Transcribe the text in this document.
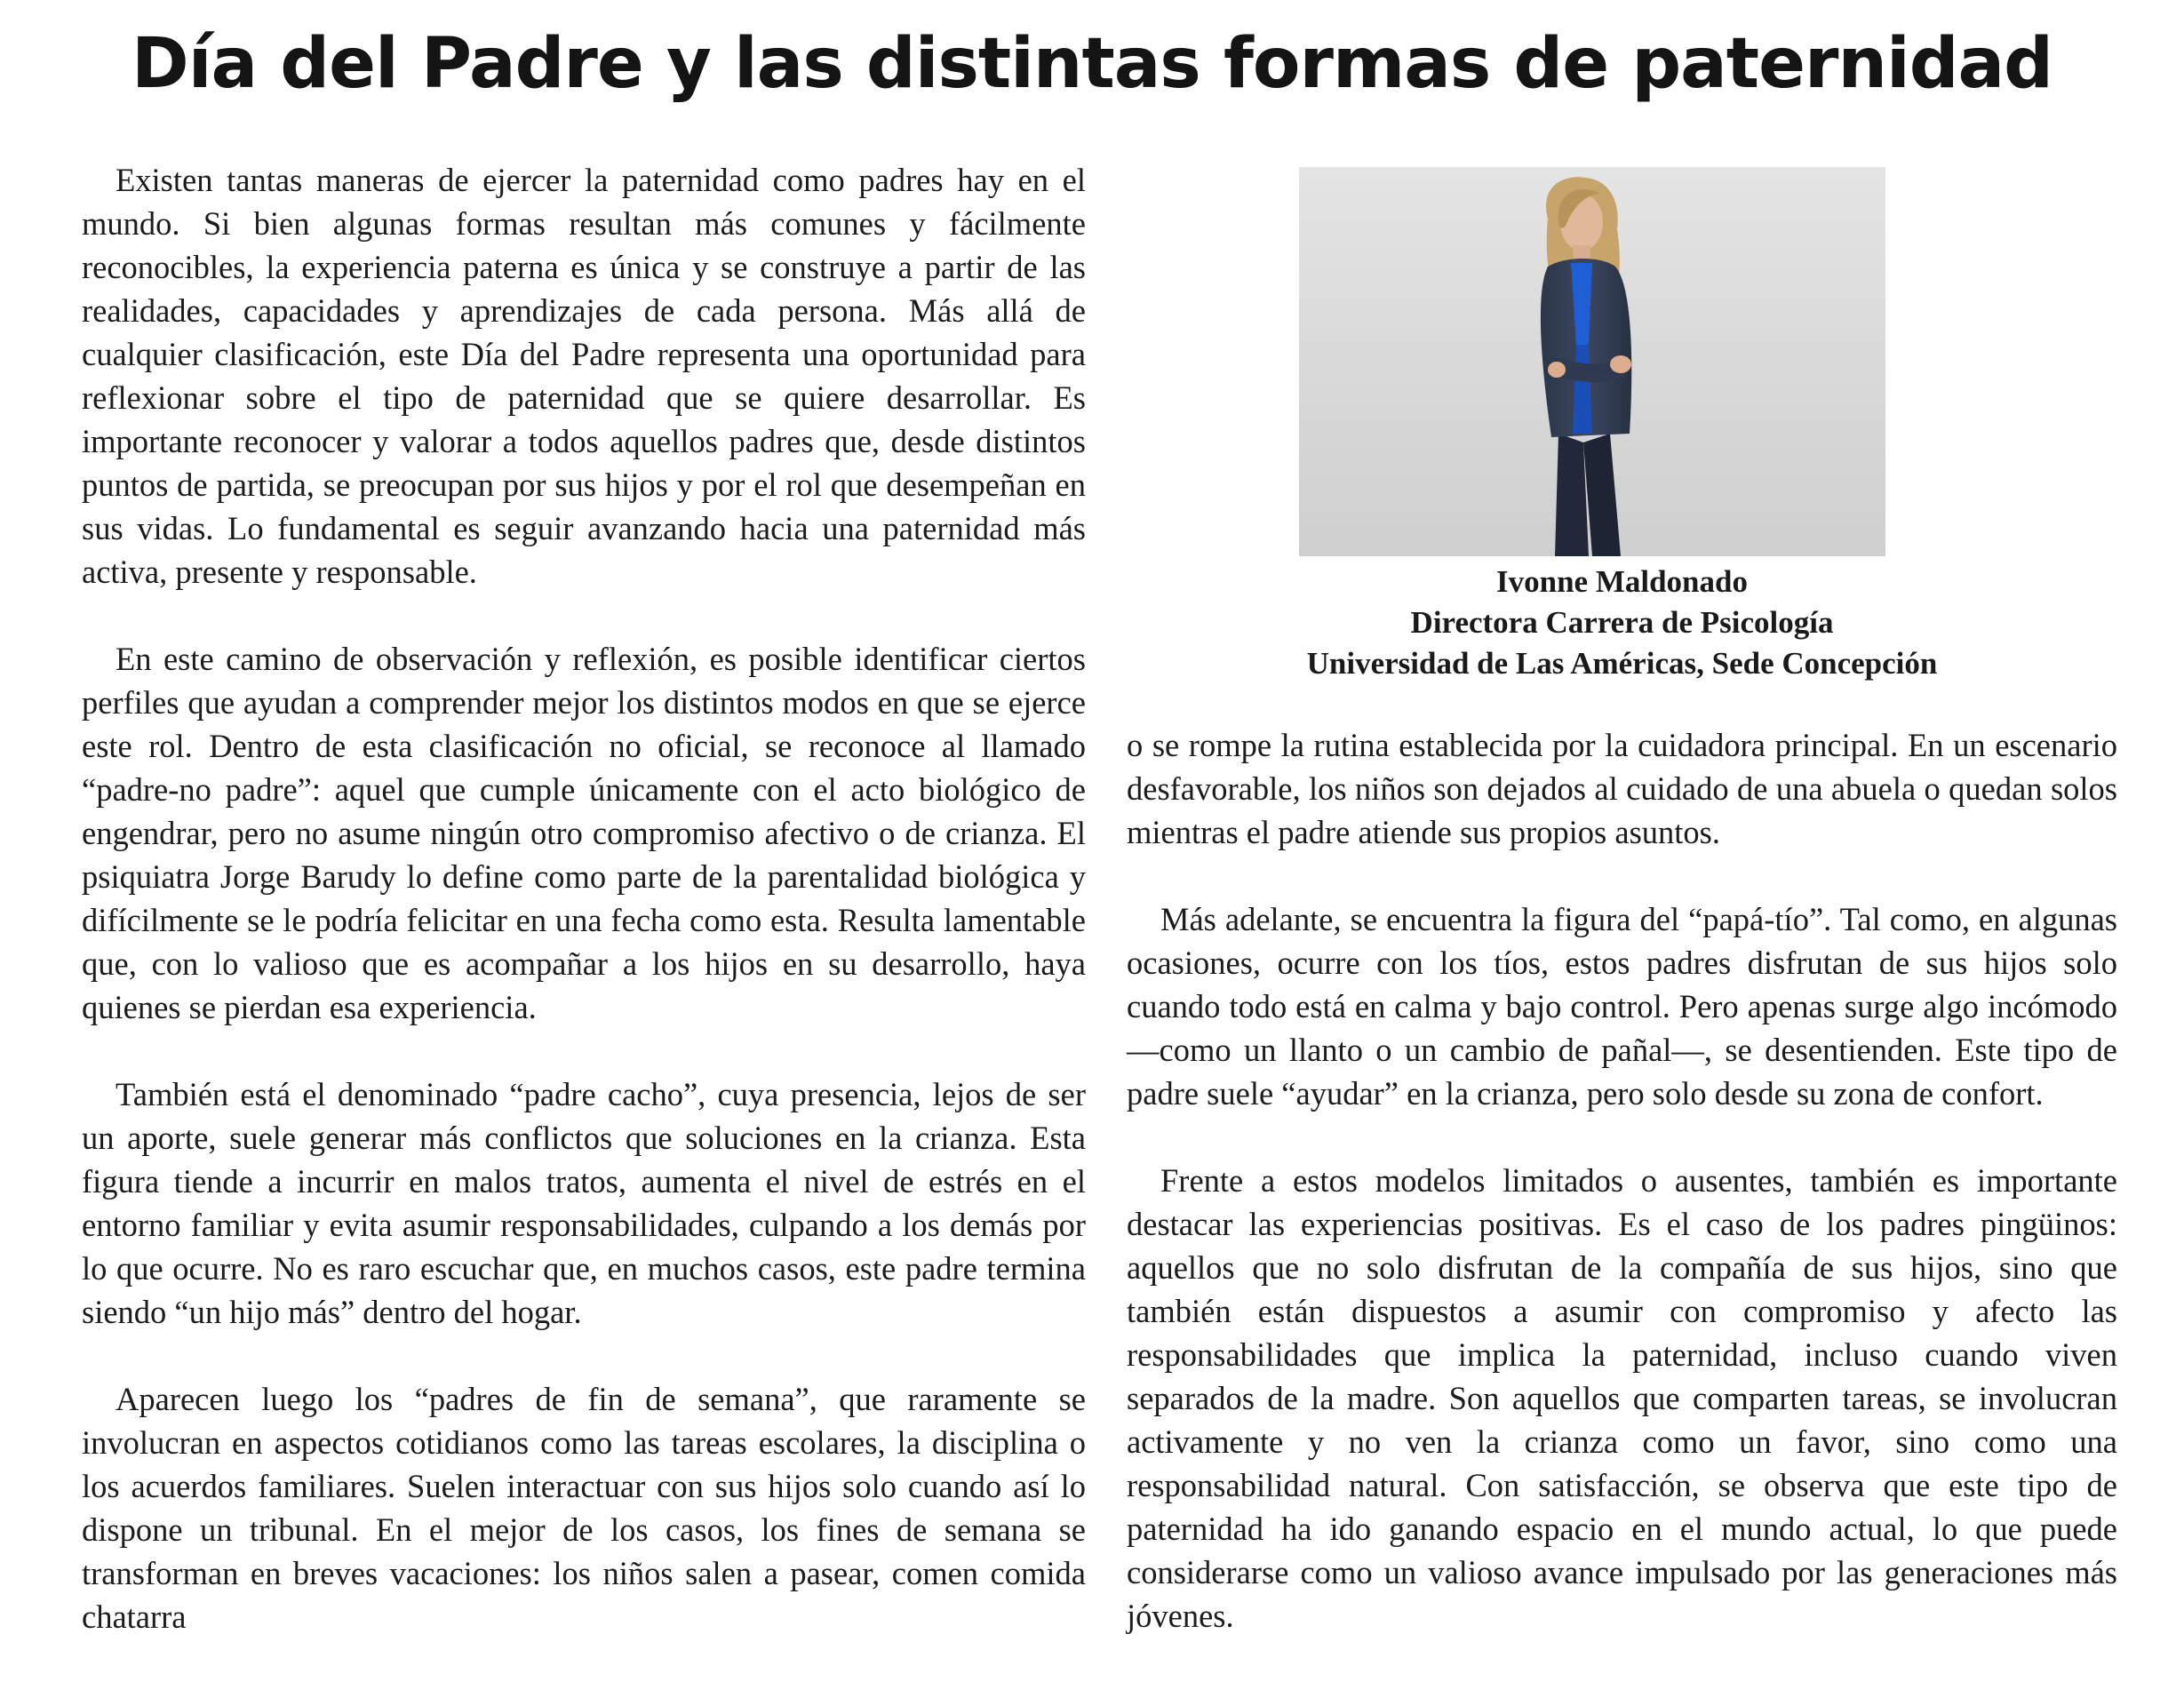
Día del Padre y las distintas formas de paternidad

Existen tantas maneras de ejercer la paternidad como padres hay en el mundo. Si bien algunas formas resultan más comunes y fácilmente reconocibles, la experiencia paterna es única y se construye a partir de las realidades, capacidades y aprendizajes de cada persona. Más allá de cualquier clasificación, este Día del Padre representa una oportunidad para reflexionar sobre el tipo de paternidad que se quiere desarrollar. Es importante reconocer y valorar a todos aquellos padres que, desde distintos puntos de partida, se preocupan por sus hijos y por el rol que desempeñan en sus vidas. Lo fundamental es seguir avanzando hacia una paternidad más activa, presente y responsable.

En este camino de observación y reflexión, es posible identificar ciertos perfiles que ayudan a comprender mejor los distintos modos en que se ejerce este rol. Dentro de esta clasificación no oficial, se reconoce al llamado “padre-no padre”: aquel que cumple únicamente con el acto biológico de engendrar, pero no asume ningún otro compromiso afectivo o de crianza. El psiquiatra Jorge Barudy lo define como parte de la parentalidad biológica y difícilmente se le podría felicitar en una fecha como esta. Resulta lamentable que, con lo valioso que es acompañar a los hijos en su desarrollo, haya quienes se pierdan esa experiencia.

También está el denominado “padre cacho”, cuya presencia, lejos de ser un aporte, suele generar más conflictos que soluciones en la crianza. Esta figura tiende a incurrir en malos tratos, aumenta el nivel de estrés en el entorno familiar y evita asumir responsabilidades, culpando a los demás por lo que ocurre. No es raro escuchar que, en muchos casos, este padre termina siendo “un hijo más” dentro del hogar.

Aparecen luego los “padres de fin de semana”, que raramente se involucran en aspectos cotidianos como las tareas escolares, la disciplina o los acuerdos familiares. Suelen interactuar con sus hijos solo cuando así lo dispone un tribunal. En el mejor de los casos, los fines de semana se transforman en breves vacaciones: los niños salen a pasear, comen comida chatarra

Ivonne Maldonado
Directora Carrera de Psicología
Universidad de Las Américas, Sede Concepción

o se rompe la rutina establecida por la cuidadora principal. En un escenario desfavorable, los niños son dejados al cuidado de una abuela o quedan solos mientras el padre atiende sus propios asuntos.

Más adelante, se encuentra la figura del “papá-tío”. Tal como, en algunas ocasiones, ocurre con los tíos, estos padres disfrutan de sus hijos solo cuando todo está en calma y bajo control. Pero apenas surge algo incómodo —como un llanto o un cambio de pañal—, se desentienden. Este tipo de padre suele “ayudar” en la crianza, pero solo desde su zona de confort.

Frente a estos modelos limitados o ausentes, también es importante destacar las experiencias positivas. Es el caso de los padres pingüinos: aquellos que no solo disfrutan de la compañía de sus hijos, sino que también están dispuestos a asumir con compromiso y afecto las responsabilidades que implica la paternidad, incluso cuando viven separados de la madre. Son aquellos que comparten tareas, se involucran activamente y no ven la crianza como un favor, sino como una responsabilidad natural. Con satisfacción, se observa que este tipo de paternidad ha ido ganando espacio en el mundo actual, lo que puede considerarse como un valioso avance impulsado por las generaciones más jóvenes.
